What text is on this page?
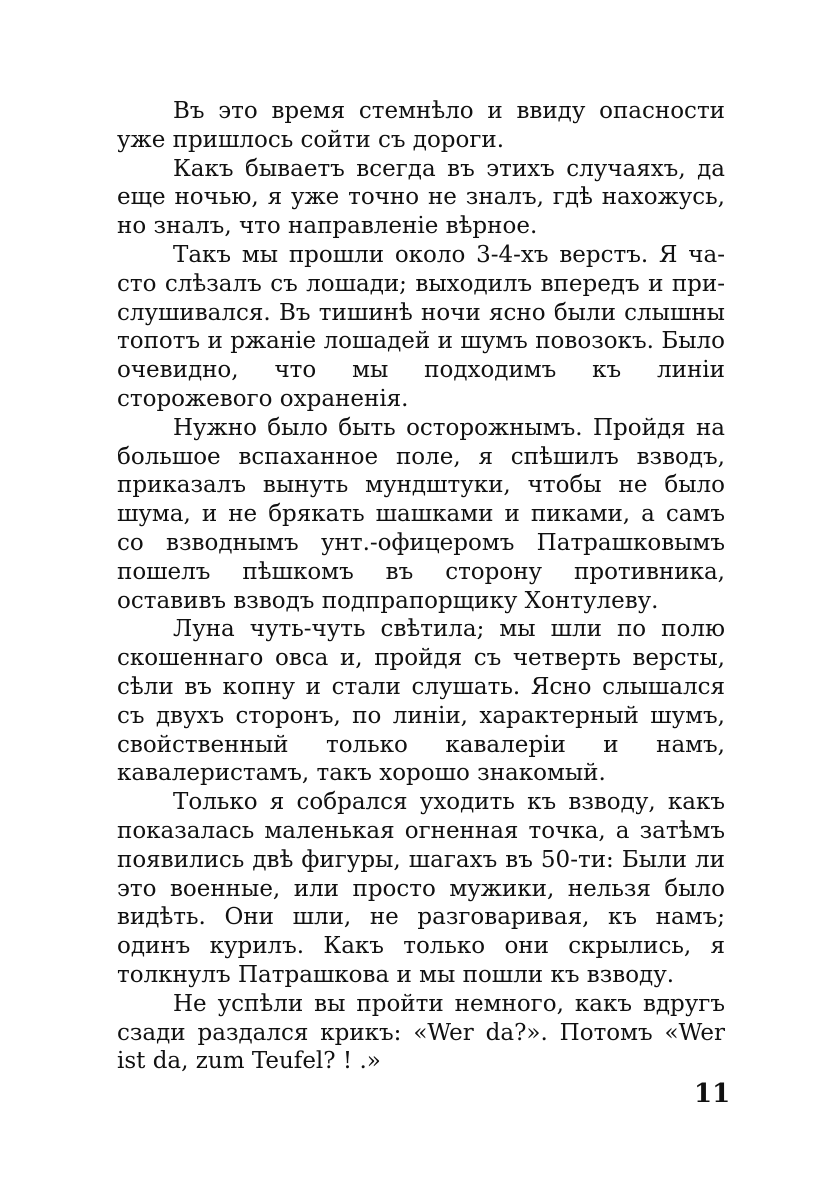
Въ это время стемнѣло и ввиду опасности уже пришлось сойти съ дороги.

Какъ бываетъ всегда въ этихъ случаяхъ, да еще ночью, я уже точно не зналъ, гдѣ нахожусь, но зналъ, что направленіе вѣрное.

Такъ мы прошли около 3-4-хъ верстъ. Я часто слѣзалъ съ лошади; выходилъ впередъ и прислушивался. Въ тишинѣ ночи ясно были слышны топотъ и ржаніе лошадей и шумъ повозокъ. Было очевидно, что мы подходимъ къ линіи сторожевого охраненія.

Нужно было быть осторожнымъ. Пройдя на большое вспаханное поле, я спѣшилъ взводъ, приказалъ вынуть мундштуки, чтобы не было шума, и не брякать шашками и пиками, а самъ со взводнымъ унт.-офицеромъ Патрашковымъ пошелъ пѣшкомъ въ сторону противника, оставивъ взводъ подпрапорщику Хонтулеву.

Луна чуть-чуть свѣтила; мы шли по полю скошеннаго овса и, пройдя съ четверть версты, сѣли въ копну и стали слушать. Ясно слышался съ двухъ сторонъ, по линіи, характерный шумъ, свойственный только кавалеріи и намъ, кавалеристамъ, такъ хорошо знакомый.

Только я собрался уходить къ взводу, какъ показалась маленькая огненная точка, а затѣмъ появились двѣ фигуры, шагахъ въ 50-ти: Были ли это военные, или просто мужики, нельзя было видѣть. Они шли, не разговаривая, къ намъ; одинъ курилъ. Какъ только они скрылись, я толкнулъ Патрашкова и мы пошли къ взводу.

Не успѣли вы пройти немного, какъ вдругъ сзади раздался крикъ: «Wer da?». Потомъ «Wer ist da, zum Teufel? ! .»

11
